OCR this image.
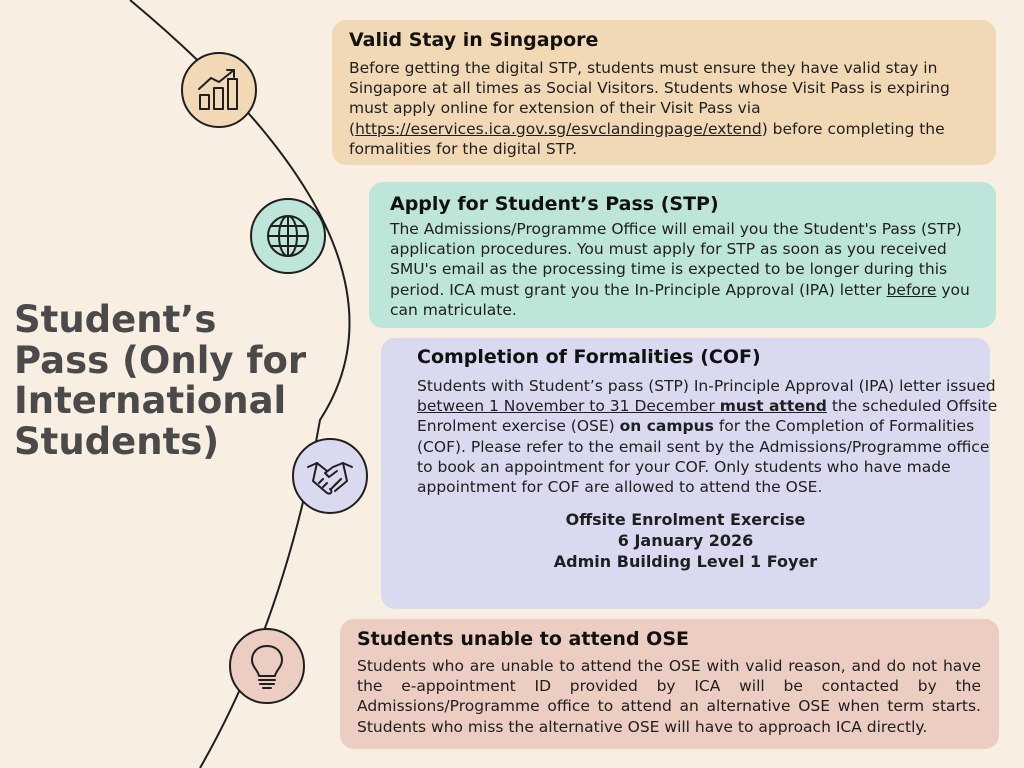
Student’s Pass (Only for International Students)
Valid Stay in Singapore

Before getting the digital STP, students must ensure they have valid stay in Singapore at all times as Social Visitors. Students whose Visit Pass is expiring must apply online for extension of their Visit Pass via (https://eservices.ica.gov.sg/esvclandingpage/extend) before completing the formalities for the digital STP.

Apply for Student’s Pass (STP)

The Admissions/Programme Office will email you the Student's Pass (STP) application procedures. You must apply for STP as soon as you received SMU's email as the processing time is expected to be longer during this period. ICA must grant you the In-Principle Approval (IPA) letter before you can matriculate.

Completion of Formalities (COF)

Students with Student’s pass (STP) In-Principle Approval (IPA) letter issued between 1 November to 31 December must attend the scheduled Offsite Enrolment exercise (OSE) on campus for the Completion of Formalities (COF). Please refer to the email sent by the Admissions/Programme office to book an appointment for your COF. Only students who have made appointment for COF are allowed to attend the OSE.

Offsite Enrolment Exercise
6 January 2026
Admin Building Level 1 Foyer
Students unable to attend OSE

Students who are unable to attend the OSE with valid reason, and do not have the e-appointment ID provided by ICA will be contacted by the Admissions/Programme office to attend an alternative OSE when term starts. Students who miss the alternative OSE will have to approach ICA directly.
